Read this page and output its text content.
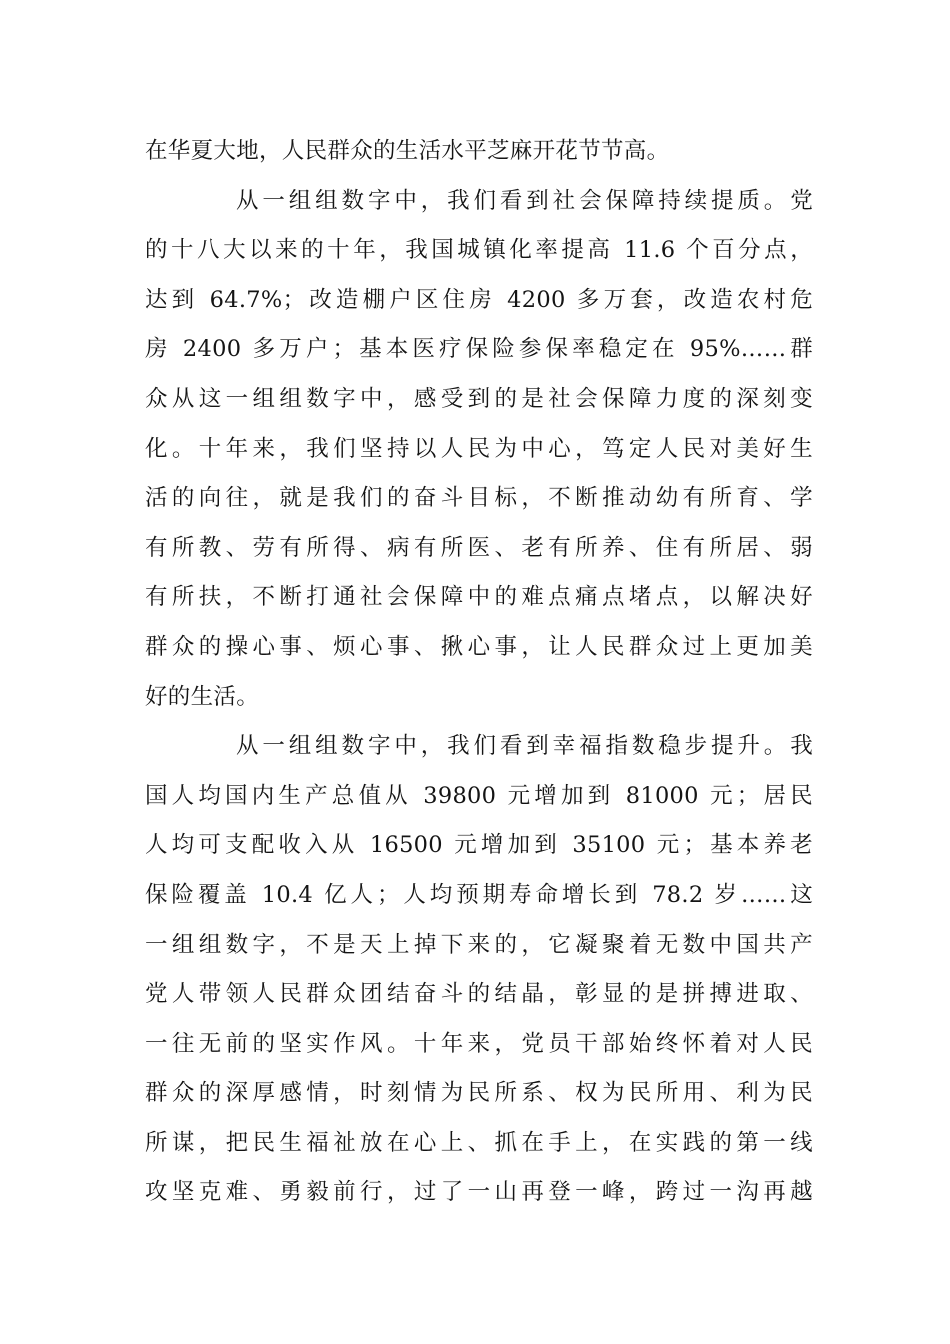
在华夏大地，人民群众的生活水平芝麻开花节节高。
从一组组数字中，我们看到社会保障持续提质。党
的十八大以来的十年，我国城镇化率提高 11.6 个百分点，
达到 64.7%；改造棚户区住房 4200 多万套，改造农村危
房 2400 多万户；基本医疗保险参保率稳定在 95%……群
众从这一组组数字中，感受到的是社会保障力度的深刻变
化。十年来，我们坚持以人民为中心，笃定人民对美好生
活的向往，就是我们的奋斗目标，不断推动幼有所育、学
有所教、劳有所得、病有所医、老有所养、住有所居、弱
有所扶，不断打通社会保障中的难点痛点堵点，以解决好
群众的操心事、烦心事、揪心事，让人民群众过上更加美
好的生活。
从一组组数字中，我们看到幸福指数稳步提升。我
国人均国内生产总值从 39800 元增加到 81000 元；居民
人均可支配收入从 16500 元增加到 35100 元；基本养老
保险覆盖 10.4 亿人；人均预期寿命增长到 78.2 岁……这
一组组数字，不是天上掉下来的，它凝聚着无数中国共产
党人带领人民群众团结奋斗的结晶，彰显的是拼搏进取、
一往无前的坚实作风。十年来，党员干部始终怀着对人民
群众的深厚感情，时刻情为民所系、权为民所用、利为民
所谋，把民生福祉放在心上、抓在手上，在实践的第一线
攻坚克难、勇毅前行，过了一山再登一峰，跨过一沟再越
